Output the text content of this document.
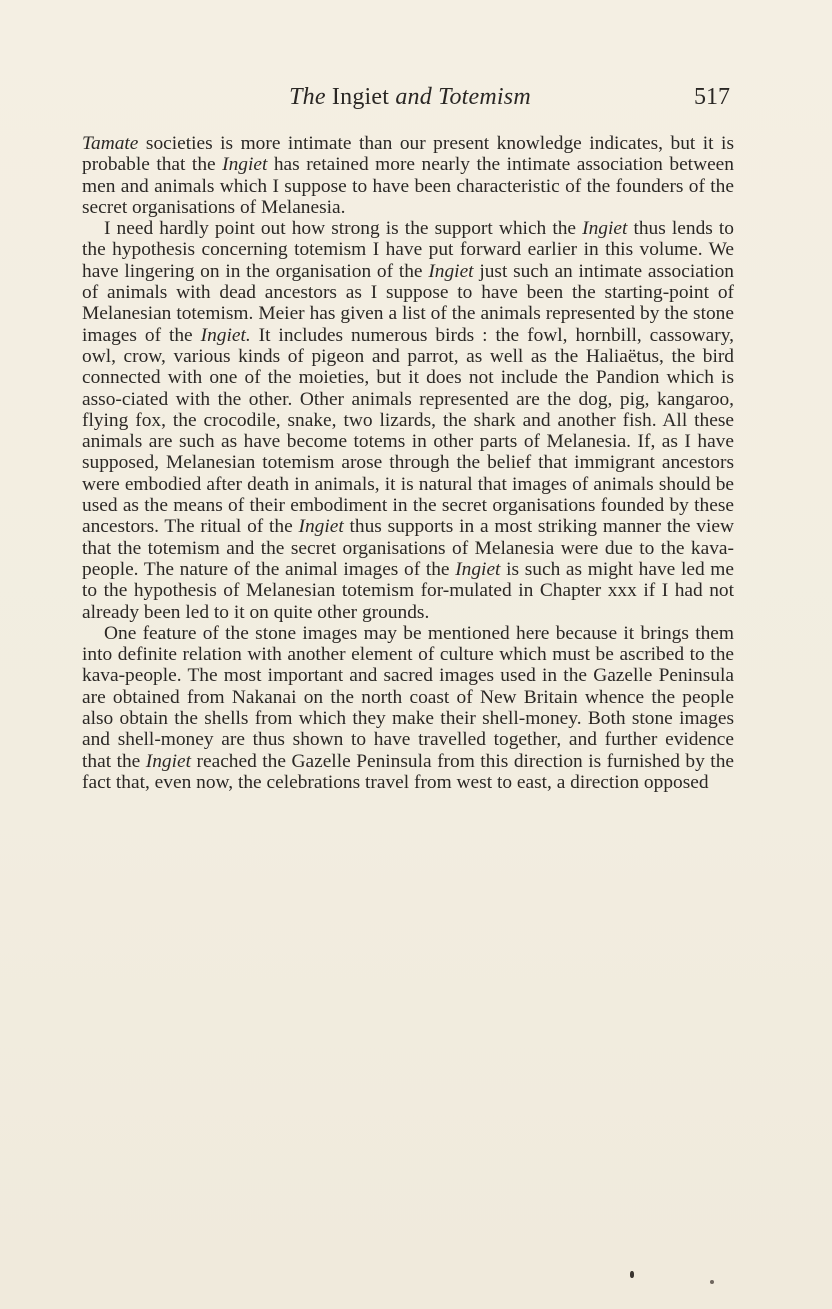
The Ingiet and Totemism	517

Tamate societies is more intimate than our present knowledge indicates, but it is probable that the Ingiet has retained more nearly the intimate association between men and animals which I suppose to have been characteristic of the founders of the secret organisations of Melanesia.

I need hardly point out how strong is the support which the Ingiet thus lends to the hypothesis concerning totemism I have put forward earlier in this volume. We have lingering on in the organisation of the Ingiet just such an intimate association of animals with dead ancestors as I suppose to have been the starting-point of Melanesian totemism. Meier has given a list of the animals represented by the stone images of the Ingiet. It includes numerous birds : the fowl, hornbill, cassowary, owl, crow, various kinds of pigeon and parrot, as well as the Haliaëtus, the bird connected with one of the moieties, but it does not include the Pandion which is asso-ciated with the other. Other animals represented are the dog, pig, kangaroo, flying fox, the crocodile, snake, two lizards, the shark and another fish. All these animals are such as have become totems in other parts of Melanesia. If, as I have supposed, Melanesian totemism arose through the belief that immigrant ancestors were embodied after death in animals, it is natural that images of animals should be used as the means of their embodiment in the secret organisations founded by these ancestors. The ritual of the Ingiet thus supports in a most striking manner the view that the totemism and the secret organisations of Melanesia were due to the kava-people. The nature of the animal images of the Ingiet is such as might have led me to the hypothesis of Melanesian totemism for-mulated in Chapter xxx if I had not already been led to it on quite other grounds.

One feature of the stone images may be mentioned here because it brings them into definite relation with another element of culture which must be ascribed to the kava-people. The most important and sacred images used in the Gazelle Peninsula are obtained from Nakanai on the north coast of New Britain whence the people also obtain the shells from which they make their shell-money. Both stone images and shell-money are thus shown to have travelled together, and further evidence that the Ingiet reached the Gazelle Peninsula from this direction is furnished by the fact that, even now, the celebrations travel from west to east, a direction opposed
